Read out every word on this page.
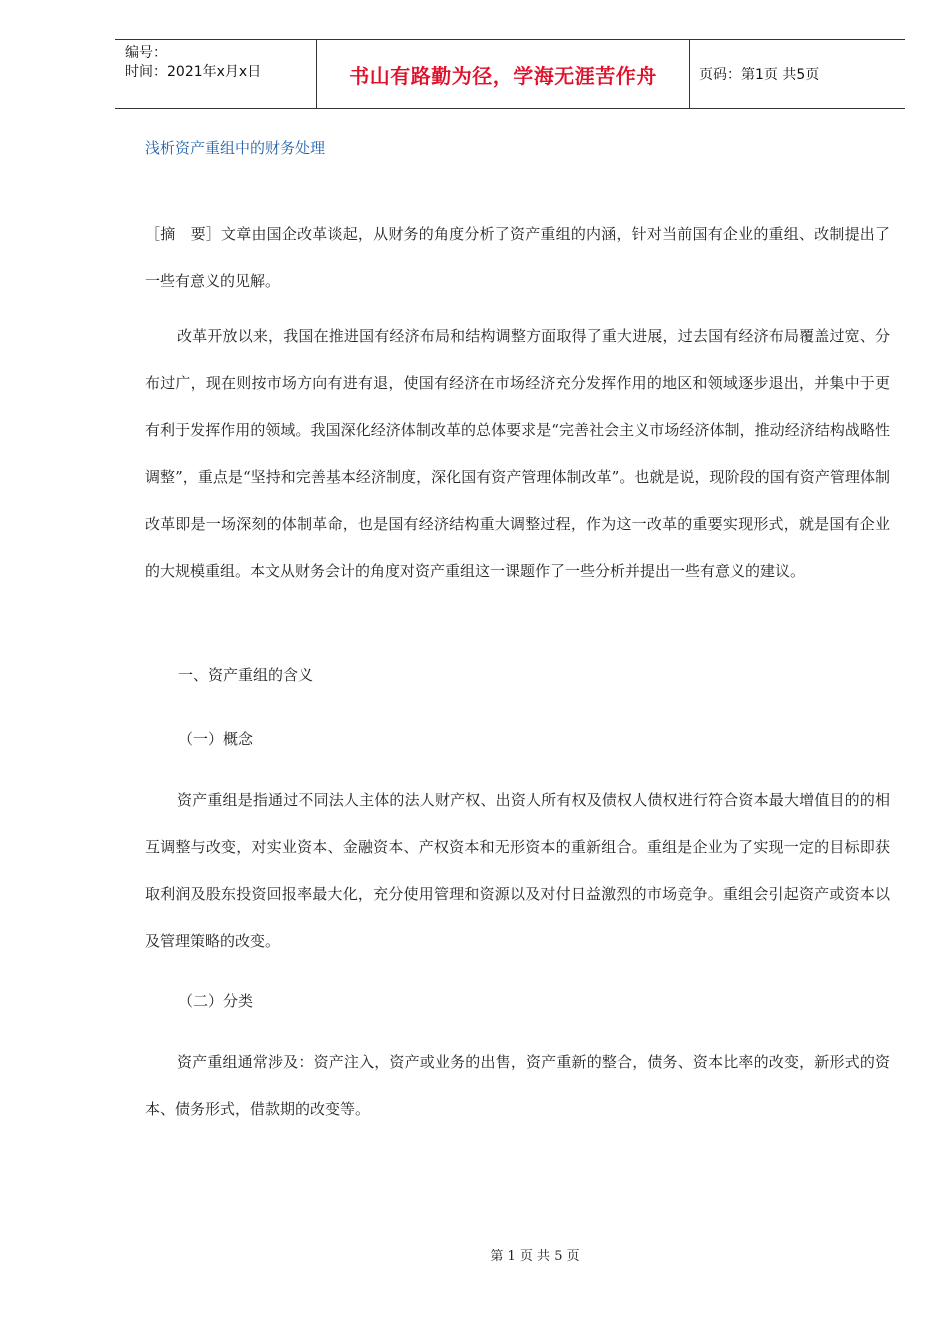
编号：
时间：2021年x月x日	书山有路勤为径，学海无涯苦作舟	页码：第1页 共5页
浅析资产重组中的财务处理

［摘　要］文章由国企改革谈起，从财务的角度分析了资产重组的内涵，针对当前国有企业的重组、改制提出了一些有意义的见解。

改革开放以来，我国在推进国有经济布局和结构调整方面取得了重大进展，过去国有经济布局覆盖过宽、分布过广，现在则按市场方向有进有退，使国有经济在市场经济充分发挥作用的地区和领域逐步退出，并集中于更有利于发挥作用的领域。我国深化经济体制改革的总体要求是“完善社会主义市场经济体制，推动经济结构战略性调整”，重点是“坚持和完善基本经济制度，深化国有资产管理体制改革”。也就是说，现阶段的国有资产管理体制改革即是一场深刻的体制革命，也是国有经济结构重大调整过程，作为这一改革的重要实现形式，就是国有企业的大规模重组。本文从财务会计的角度对资产重组这一课题作了一些分析并提出一些有意义的建议。

一、资产重组的含义
（一）概念

资产重组是指通过不同法人主体的法人财产权、出资人所有权及债权人债权进行符合资本最大增值目的的相互调整与改变，对实业资本、金融资本、产权资本和无形资本的重新组合。重组是企业为了实现一定的目标即获取利润及股东投资回报率最大化，充分使用管理和资源以及对付日益激烈的市场竞争。重组会引起资产或资本以及管理策略的改变。

（二）分类

资产重组通常涉及：资产注入，资产或业务的出售，资产重新的整合，债务、资本比率的改变，新形式的资本、债务形式，借款期的改变等。

第 1 页 共 5 页
